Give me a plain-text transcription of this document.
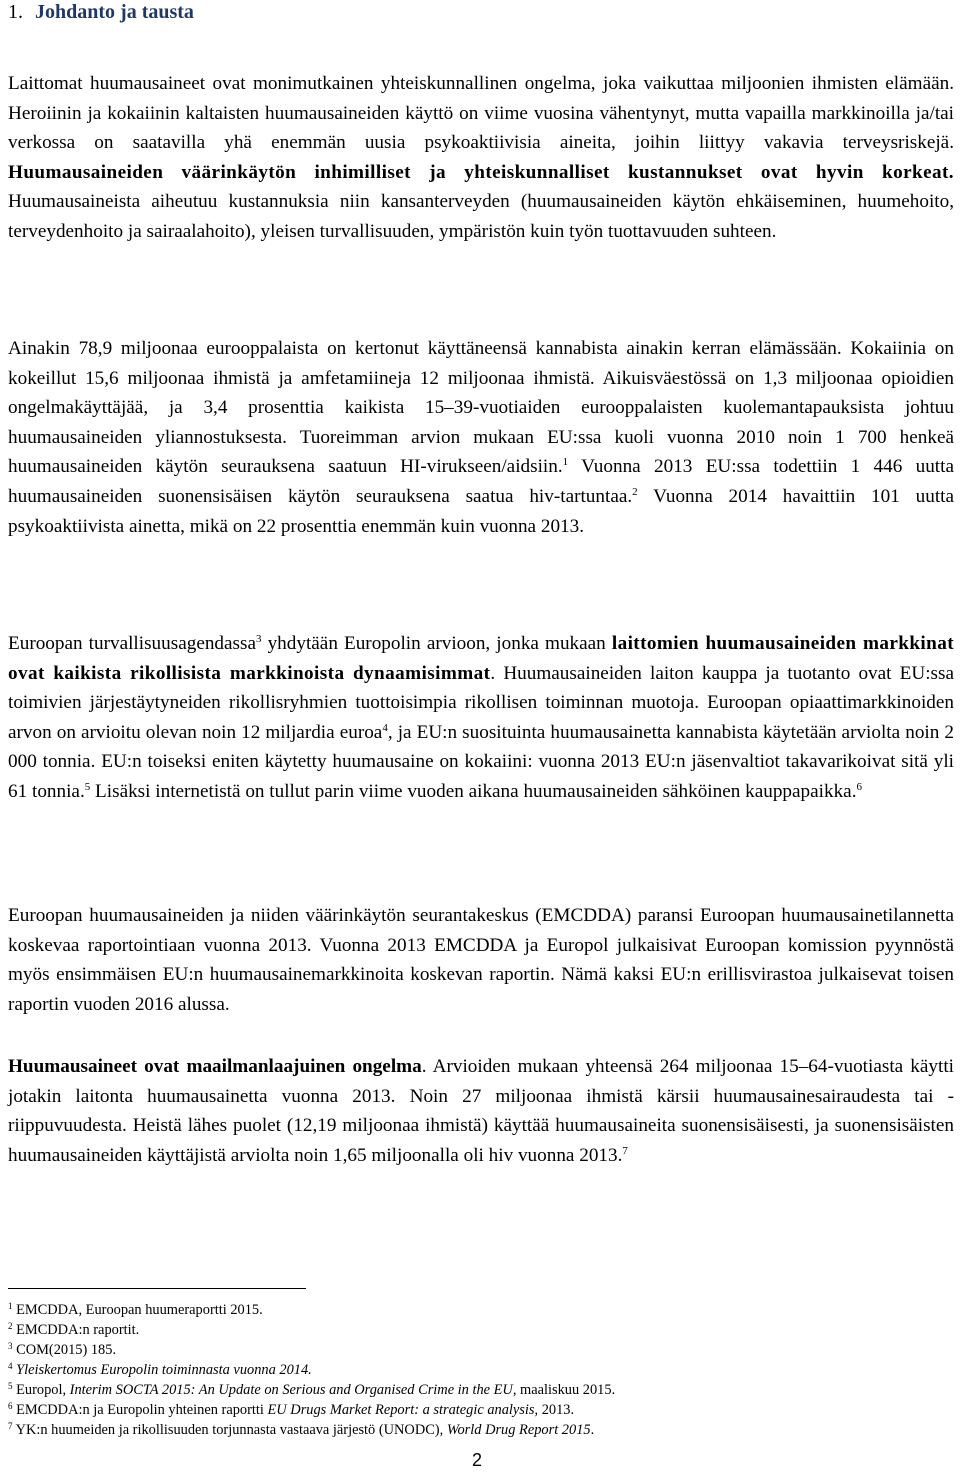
1. Johdanto ja tausta

Laittomat huumausaineet ovat monimutkainen yhteiskunnallinen ongelma, joka vaikuttaa miljoonien ihmisten elämään. Heroiinin ja kokaiinin kaltaisten huumausaineiden käyttö on viime vuosina vähentynyt, mutta vapailla markkinoilla ja/tai verkossa on saatavilla yhä enemmän uusia psykoaktiivisia aineita, joihin liittyy vakavia terveysriskejä. Huumausaineiden väärinkäytön inhimilliset ja yhteiskunnalliset kustannukset ovat hyvin korkeat. Huumausaineista aiheutuu kustannuksia niin kansanterveyden (huumausaineiden käytön ehkäiseminen, huumehoito, terveydenhoito ja sairaalahoito), yleisen turvallisuuden, ympäristön kuin työn tuottavuuden suhteen.

Ainakin 78,9 miljoonaa eurooppalaista on kertonut käyttäneensä kannabista ainakin kerran elämässään. Kokaiinia on kokeillut 15,6 miljoonaa ihmistä ja amfetamiineja 12 miljoonaa ihmistä. Aikuisväestössä on 1,3 miljoonaa opioidien ongelmakäyttäjää, ja 3,4 prosenttia kaikista 15–39-vuotiaiden eurooppalaisten kuolemantapauksista johtuu huumausaineiden yliannostuksesta. Tuoreimman arvion mukaan EU:ssa kuoli vuonna 2010 noin 1 700 henkeä huumausaineiden käytön seurauksena saatuun HI-virukseen/aidsiin.$^1$ Vuonna 2013 EU:ssa todettiin 1 446 uutta huumausaineiden suonensisäisen käytön seurauksena saatua hiv-tartuntaa.$^2$ Vuonna 2014 havaittiin 101 uutta psykoaktiivista ainetta, mikä on 22 prosenttia enemmän kuin vuonna 2013.

Euroopan turvallisuusagendassa$^3$ yhdytään Europolin arvioon, jonka mukaan laittomien huumausaineiden markkinat ovat kaikista rikollisista markkinoista dynaamisimmat. Huumausaineiden laiton kauppa ja tuotanto ovat EU:ssa toimivien järjestäytyneiden rikollisryhmien tuottoisimpia rikollisen toiminnan muotoja. Euroopan opiaattimarkkinoiden arvon on arvioitu olevan noin 12 miljardia euroa$^4$, ja EU:n suosituinta huumausainetta kannabista käytetään arviolta noin 2 000 tonnia. EU:n toiseksi eniten käytetty huumausaine on kokaiini: vuonna 2013 EU:n jäsenvaltiot takavarikoivat sitä yli 61 tonnia.$^5$ Lisäksi internetistä on tullut parin viime vuoden aikana huumausaineiden sähköinen kauppapaikka.$^6$

Euroopan huumausaineiden ja niiden väärinkäytön seurantakeskus (EMCDDA) paransi Euroopan huumausainetilannetta koskevaa raportointiaan vuonna 2013. Vuonna 2013 EMCDDA ja Europol julkaisivat Euroopan komission pyynnöstä myös ensimmäisen EU:n huumausainemarkkinoita koskevan raportin. Nämä kaksi EU:n erillisvirastoa julkaisevat toisen raportin vuoden 2016 alussa.

Huumausaineet ovat maailmanlaajuinen ongelma. Arvioiden mukaan yhteensä 264 miljoonaa 15–64-vuotiasta käytti jotakin laitonta huumausainetta vuonna 2013. Noin 27 miljoonaa ihmistä kärsii huumausainesairaudesta tai -riippuvuudesta. Heistä lähes puolet (12,19 miljoonaa ihmistä) käyttää huumausaineita suonensisäisesti, ja suonensisäisten huumausaineiden käyttäjistä arviolta noin 1,65 miljoonalla oli hiv vuonna 2013.$^7$

$^1$ EMCDDA, Euroopan huumeraportti 2015.
$^2$ EMCDDA:n raportit.
$^3$ COM(2015) 185.
$^4$ Yleiskertomus Europolin toiminnasta vuonna 2014.
$^5$ Europol, Interim SOCTA 2015: An Update on Serious and Organised Crime in the EU, maaliskuu 2015.
$^6$ EMCDDA:n ja Europolin yhteinen raportti EU Drugs Market Report: a strategic analysis, 2013.
$^7$ YK:n huumeiden ja rikollisuuden torjunnasta vastaava järjestö (UNODC), World Drug Report 2015.
2
